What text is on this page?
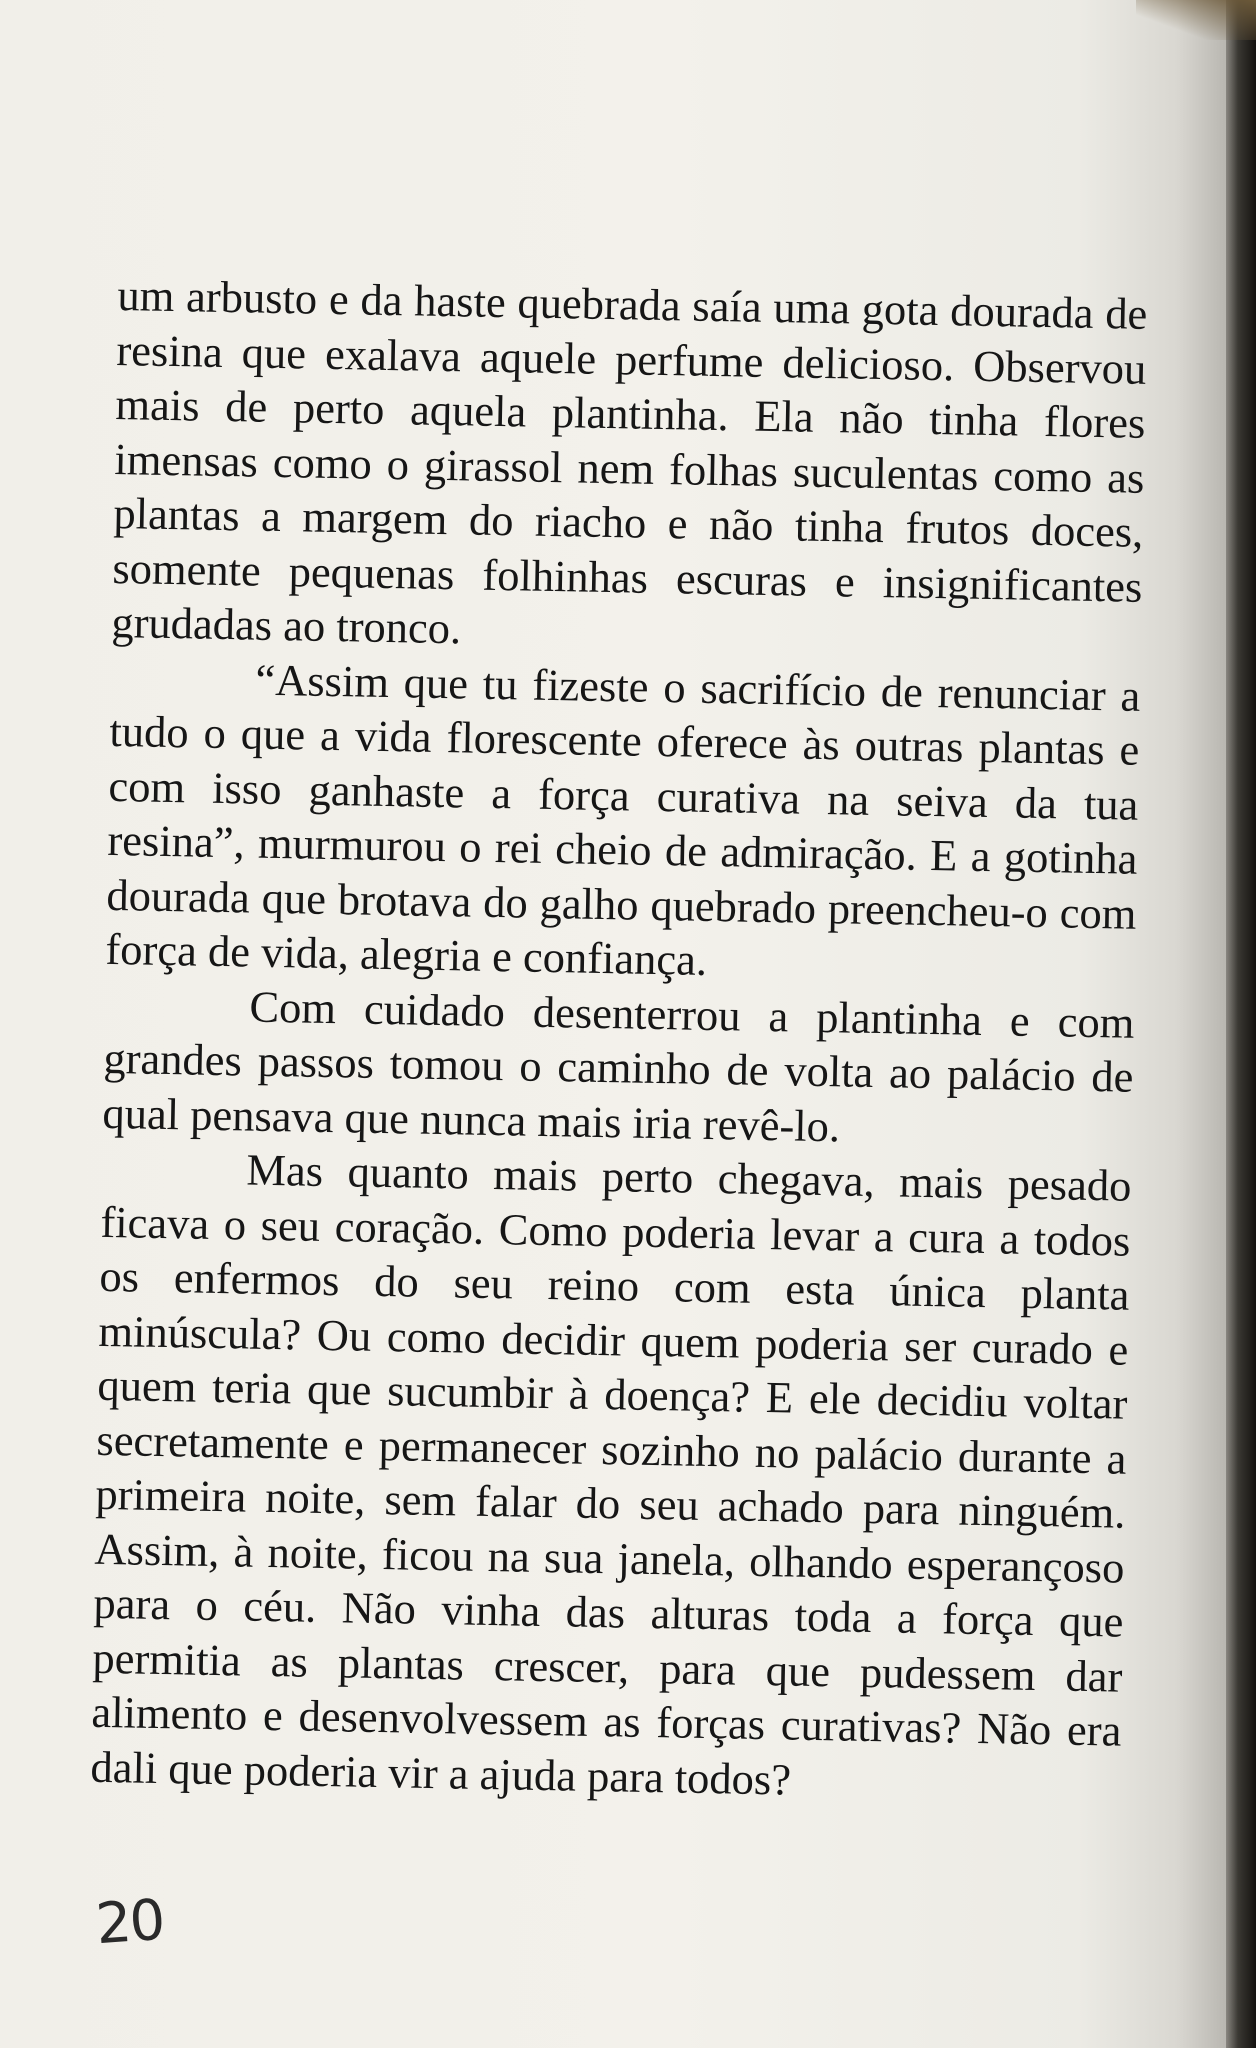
um arbusto e da haste quebrada saía uma gota dourada de
resina que exalava aquele perfume delicioso. Observou
mais de perto aquela plantinha. Ela não tinha flores
imensas como o girassol nem folhas suculentas como as
plantas a margem do riacho e não tinha frutos doces,
somente pequenas folhinhas escuras e insignificantes
grudadas ao tronco.
“Assim que tu fizeste o sacrifício de renunciar a
tudo o que a vida florescente oferece às outras plantas e
com isso ganhaste a força curativa na seiva da tua
resina”, murmurou o rei cheio de admiração. E a gotinha
dourada que brotava do galho quebrado preencheu-o com
força de vida, alegria e confiança.
Com cuidado desenterrou a plantinha e com
grandes passos tomou o caminho de volta ao palácio de
qual pensava que nunca mais iria revê-lo.
Mas quanto mais perto chegava, mais pesado
ficava o seu coração. Como poderia levar a cura a todos
os enfermos do seu reino com esta única planta
minúscula? Ou como decidir quem poderia ser curado e
quem teria que sucumbir à doença? E ele decidiu voltar
secretamente e permanecer sozinho no palácio durante a
primeira noite, sem falar do seu achado para ninguém.
Assim, à noite, ficou na sua janela, olhando esperançoso
para o céu. Não vinha das alturas toda a força que
permitia as plantas crescer, para que pudessem dar
alimento e desenvolvessem as forças curativas? Não era
dali que poderia vir a ajuda para todos?
20
